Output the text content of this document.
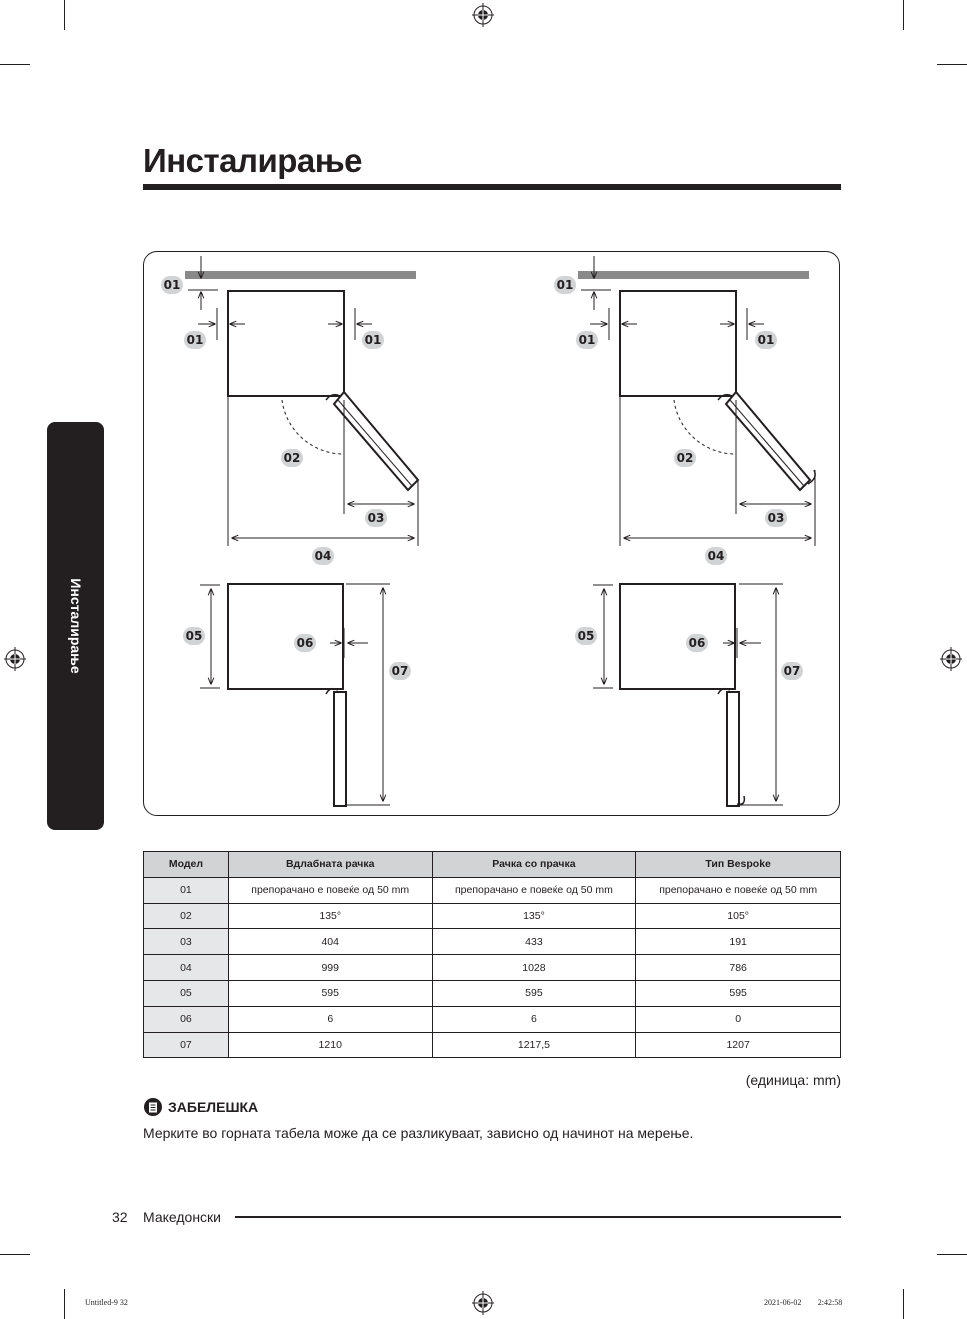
Инсталирање
Инсталирање
01
01	01
02
03
04
05	06
07
01
01	01
02
03
04
05	06
07
Модел	Вдлабната рачка	Рачка со прачка	Тип Bespoke
01	препорачано е повеќе од 50 mm	препорачано е повеќе од 50 mm	препорачано е повеќе од 50 mm
02	135°	135°	105°
03	404	433	191
04	999	1028	786
05	595	595	595
06	6	6	0
07	1210	1217,5	1207
(единица: mm)
ЗАБЕЛЕШКА
Мерките во горната табела може да се разликуваат, зависно од начинот на мерење.
32 Македонски
Untitled-9 32	2021-06-02 ￿￿ 2:42:58
